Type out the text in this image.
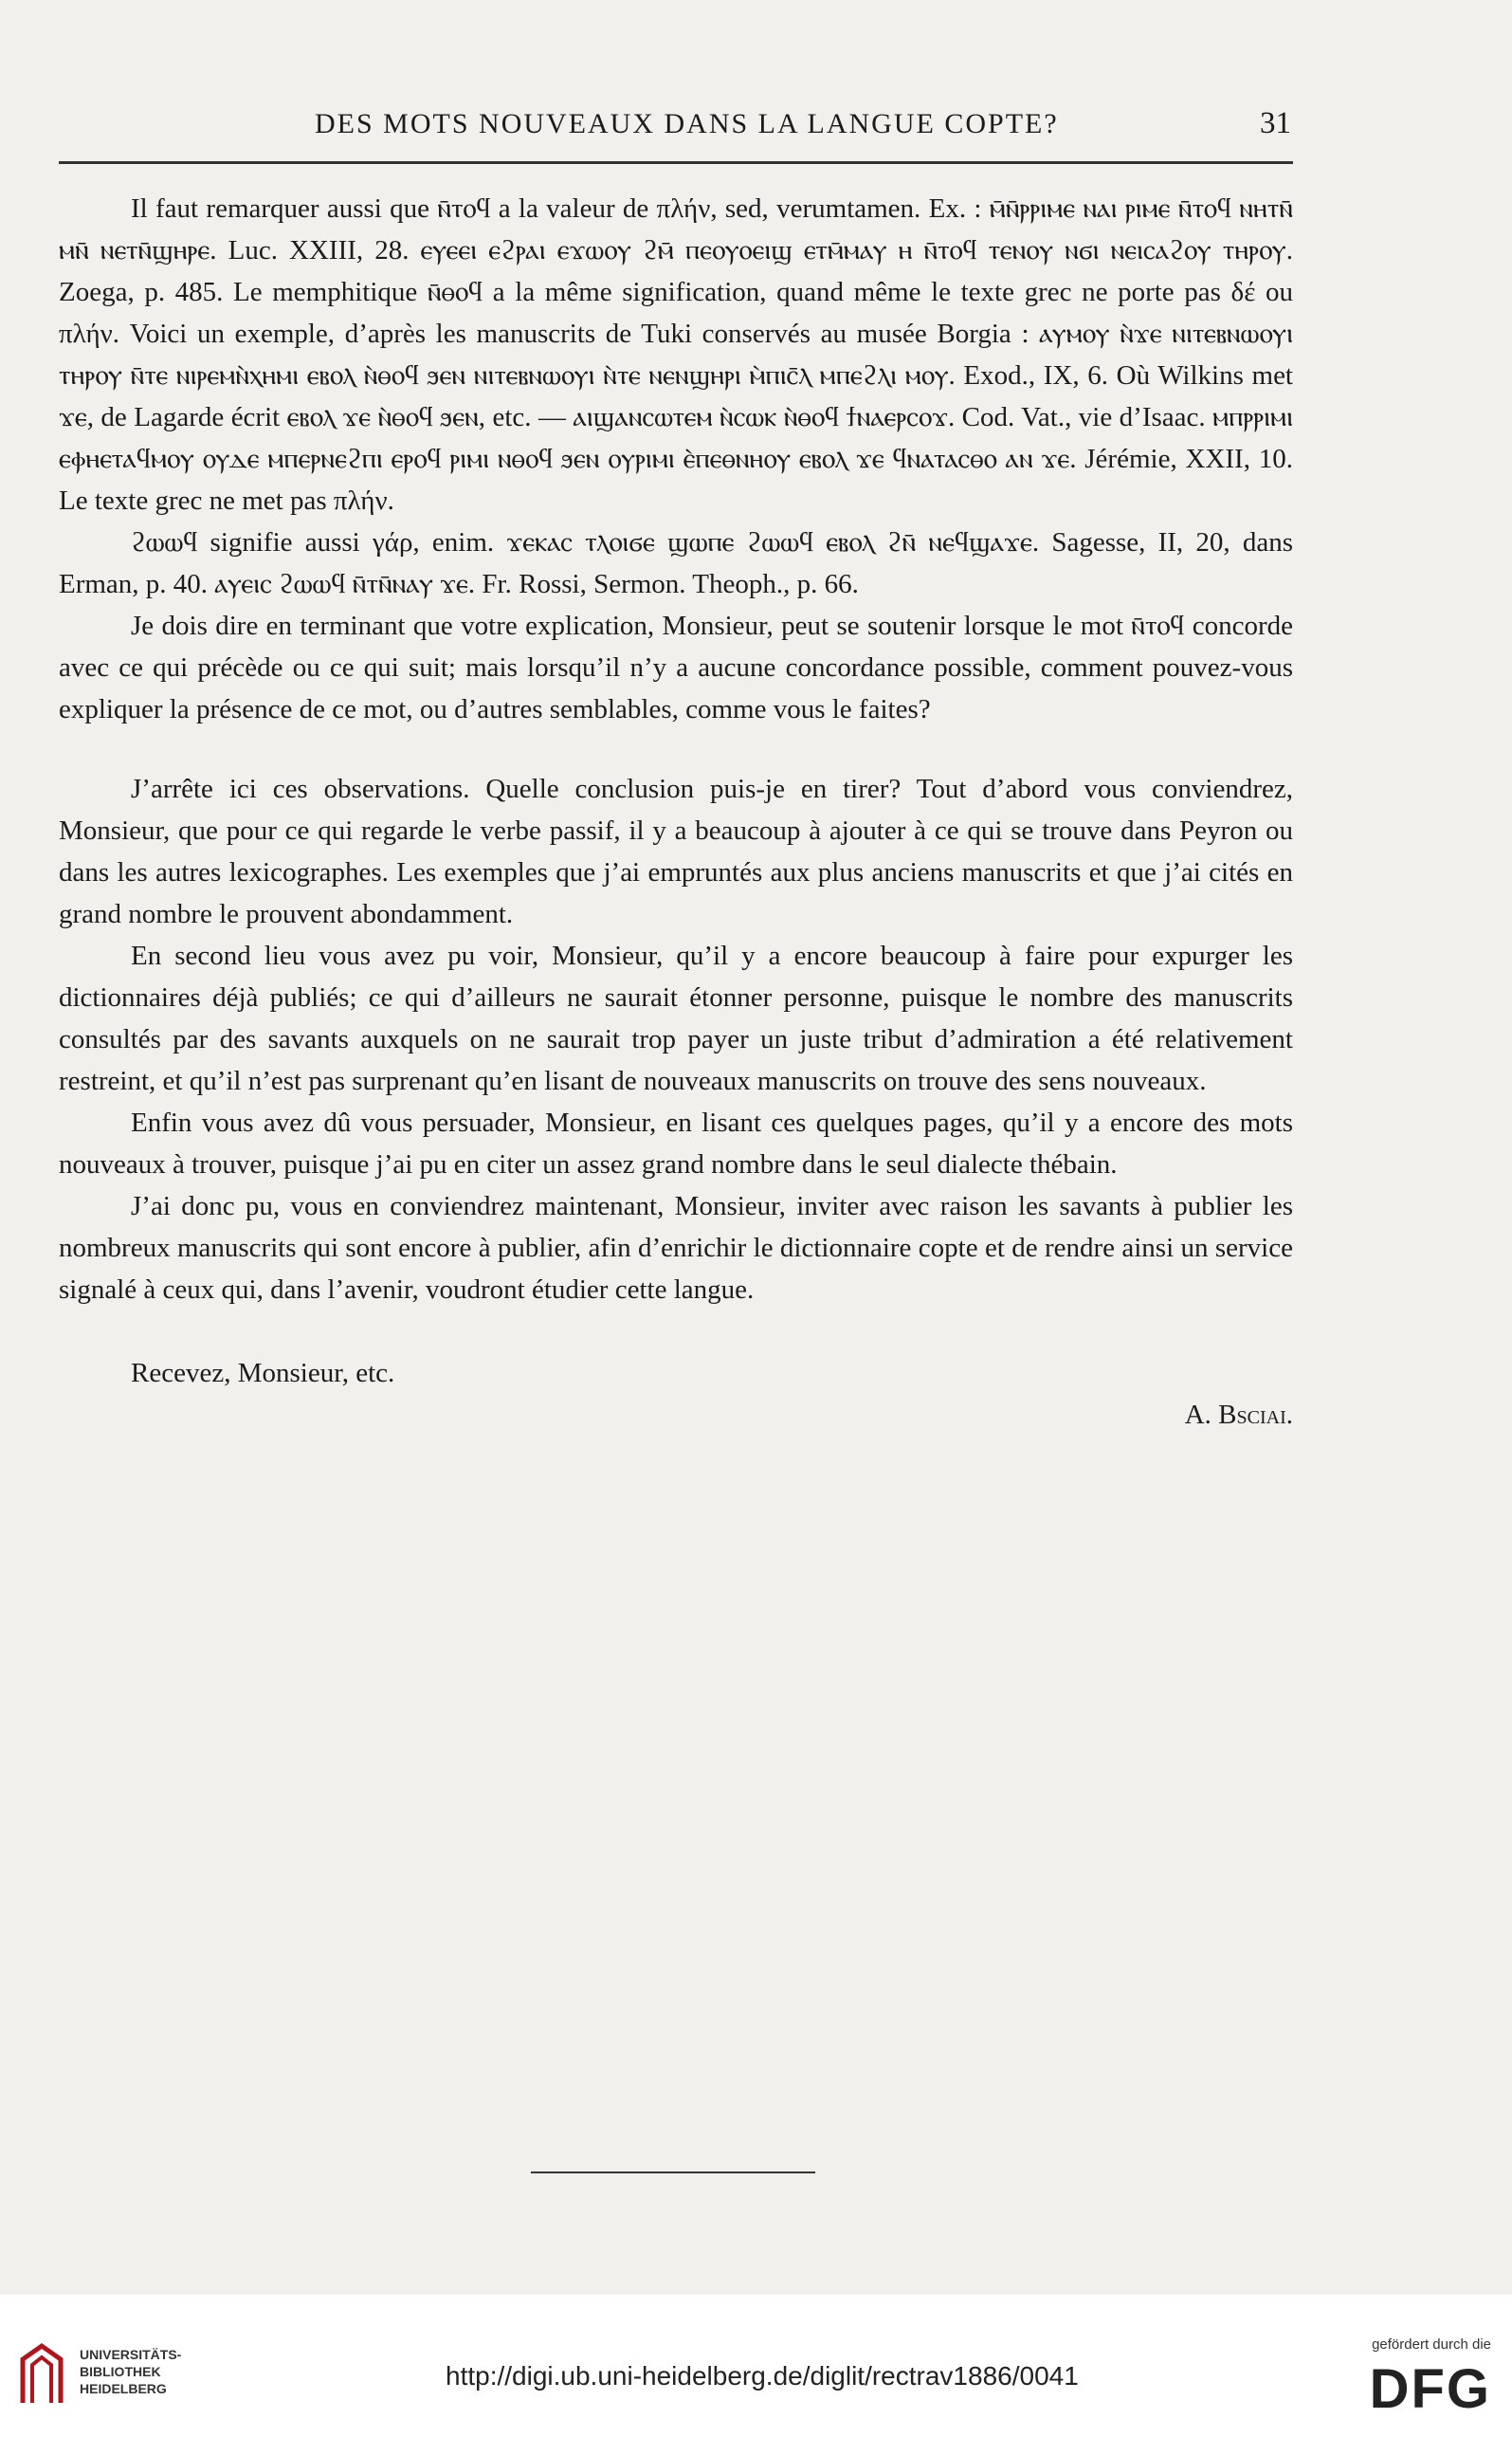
DES MOTS NOUVEAUX DANS LA LANGUE COPTE?	31

Il faut remarquer aussi que ⲛ̄ⲧⲟϥ a la valeur de πλήν, sed, verumtamen. Ex. : ⲙ̄ⲛ̄ⲣⲣⲓⲙⲉ ⲛⲁⲓ ⲣⲓⲙⲉ ⲛ̄ⲧⲟϥ ⲛⲏⲧⲛ̄ ⲙⲛ̄ ⲛⲉⲧⲛ̄ϣⲏⲣⲉ. Luc. XXIII, 28. ⲉⲩⲉⲉⲓ ⲉϩⲣⲁⲓ ⲉϫⲱⲟⲩ ϩⲙ̄ ⲡⲉⲟⲩⲟⲉⲓϣ ⲉⲧⲙ̄ⲙⲁⲩ ⲏ ⲛ̄ⲧⲟϥ ⲧⲉⲛⲟⲩ ⲛϭⲓ ⲛⲉⲓⲥⲁϩⲟⲩ ⲧⲏⲣⲟⲩ. Zoega, p. 485. Le memphitique ⲛ̄ⲑⲟϥ a la même signification, quand même le texte grec ne porte pas δέ ou πλήν. Voici un exemple, d’après les manuscrits de Tuki conservés au musée Borgia : ⲁⲩⲙⲟⲩ ⲛ̀ϫⲉ ⲛⲓⲧⲉⲃⲛⲱⲟⲩⲓ ⲧⲏⲣⲟⲩ ⲛ̄ⲧⲉ ⲛⲓⲣⲉⲙⲛ̀ⲭⲏⲙⲓ ⲉⲃⲟⲗ ⲛ̀ⲑⲟϥ ϧⲉⲛ ⲛⲓⲧⲉⲃⲛⲱⲟⲩⲓ ⲛ̀ⲧⲉ ⲛⲉⲛϣⲏⲣⲓ ⲙ̀ⲡⲓⲥ̄ⲗ ⲙⲡⲉϩⲗⲓ ⲙⲟⲩ. Exod., IX, 6. Où Wilkins met ϫⲉ, de Lagarde écrit ⲉⲃⲟⲗ ϫⲉ ⲛ̀ⲑⲟϥ ϧⲉⲛ, etc. — ⲁⲓϣⲁⲛⲥⲱⲧⲉⲙ ⲛ̀ⲥⲱⲕ ⲛ̀ⲑⲟϥ ϯⲛⲁⲉⲣⲥⲟϫ. Cod. Vat., vie d’Isaac. ⲙⲡⲣⲣⲓⲙⲓ ⲉⲫⲏⲉⲧⲁϥⲙⲟⲩ ⲟⲩⲇⲉ ⲙⲡⲉⲣⲛⲉϩⲡⲓ ⲉⲣⲟϥ ⲣⲓⲙⲓ ⲛⲑⲟϥ ϧⲉⲛ ⲟⲩⲣⲓⲙⲓ ⲉ̀ⲡⲉⲑⲛⲏⲟⲩ ⲉⲃⲟⲗ ϫⲉ ϥⲛⲁⲧⲁⲥⲑⲟ ⲁⲛ ϫⲉ. Jérémie, XXII, 10. Le texte grec ne met pas πλήν.

ϩⲱⲱϥ signifie aussi γάρ, enim. ϫⲉⲕⲁⲥ ⲧⲗⲟⲓϭⲉ ϣⲱⲡⲉ ϩⲱⲱϥ ⲉⲃⲟⲗ ϩⲛ̄ ⲛⲉϥϣⲁϫⲉ. Sagesse, II, 20, dans Erman, p. 40. ⲁⲩⲉⲓⲥ ϩⲱⲱϥ ⲛ̄ⲧⲛ̄ⲛⲁⲩ ϫⲉ. Fr. Rossi, Sermon. Theoph., p. 66.

Je dois dire en terminant que votre explication, Monsieur, peut se soutenir lorsque le mot ⲛ̄ⲧⲟϥ concorde avec ce qui précède ou ce qui suit; mais lorsqu’il n’y a aucune concordance possible, comment pouvez-vous expliquer la présence de ce mot, ou d’autres semblables, comme vous le faites?

J’arrête ici ces observations. Quelle conclusion puis-je en tirer? Tout d’abord vous conviendrez, Monsieur, que pour ce qui regarde le verbe passif, il y a beaucoup à ajouter à ce qui se trouve dans Peyron ou dans les autres lexicographes. Les exemples que j’ai empruntés aux plus anciens manuscrits et que j’ai cités en grand nombre le prouvent abondamment.

En second lieu vous avez pu voir, Monsieur, qu’il y a encore beaucoup à faire pour expurger les dictionnaires déjà publiés; ce qui d’ailleurs ne saurait étonner personne, puisque le nombre des manuscrits consultés par des savants auxquels on ne saurait trop payer un juste tribut d’admiration a été relativement restreint, et qu’il n’est pas surprenant qu’en lisant de nouveaux manuscrits on trouve des sens nouveaux.

Enfin vous avez dû vous persuader, Monsieur, en lisant ces quelques pages, qu’il y a encore des mots nouveaux à trouver, puisque j’ai pu en citer un assez grand nombre dans le seul dialecte thébain.

J’ai donc pu, vous en conviendrez maintenant, Monsieur, inviter avec raison les savants à publier les nombreux manuscrits qui sont encore à publier, afin d’enrichir le dictionnaire copte et de rendre ainsi un service signalé à ceux qui, dans l’avenir, voudront étudier cette langue.

Recevez, Monsieur, etc.

A. Bsciai.

UNIVERSITÄTS-
BIBLIOTHEK
HEIDELBERG	http://digi.ub.uni-heidelberg.de/diglit/rectrav1886/0041
gefördert durch die
DFG
